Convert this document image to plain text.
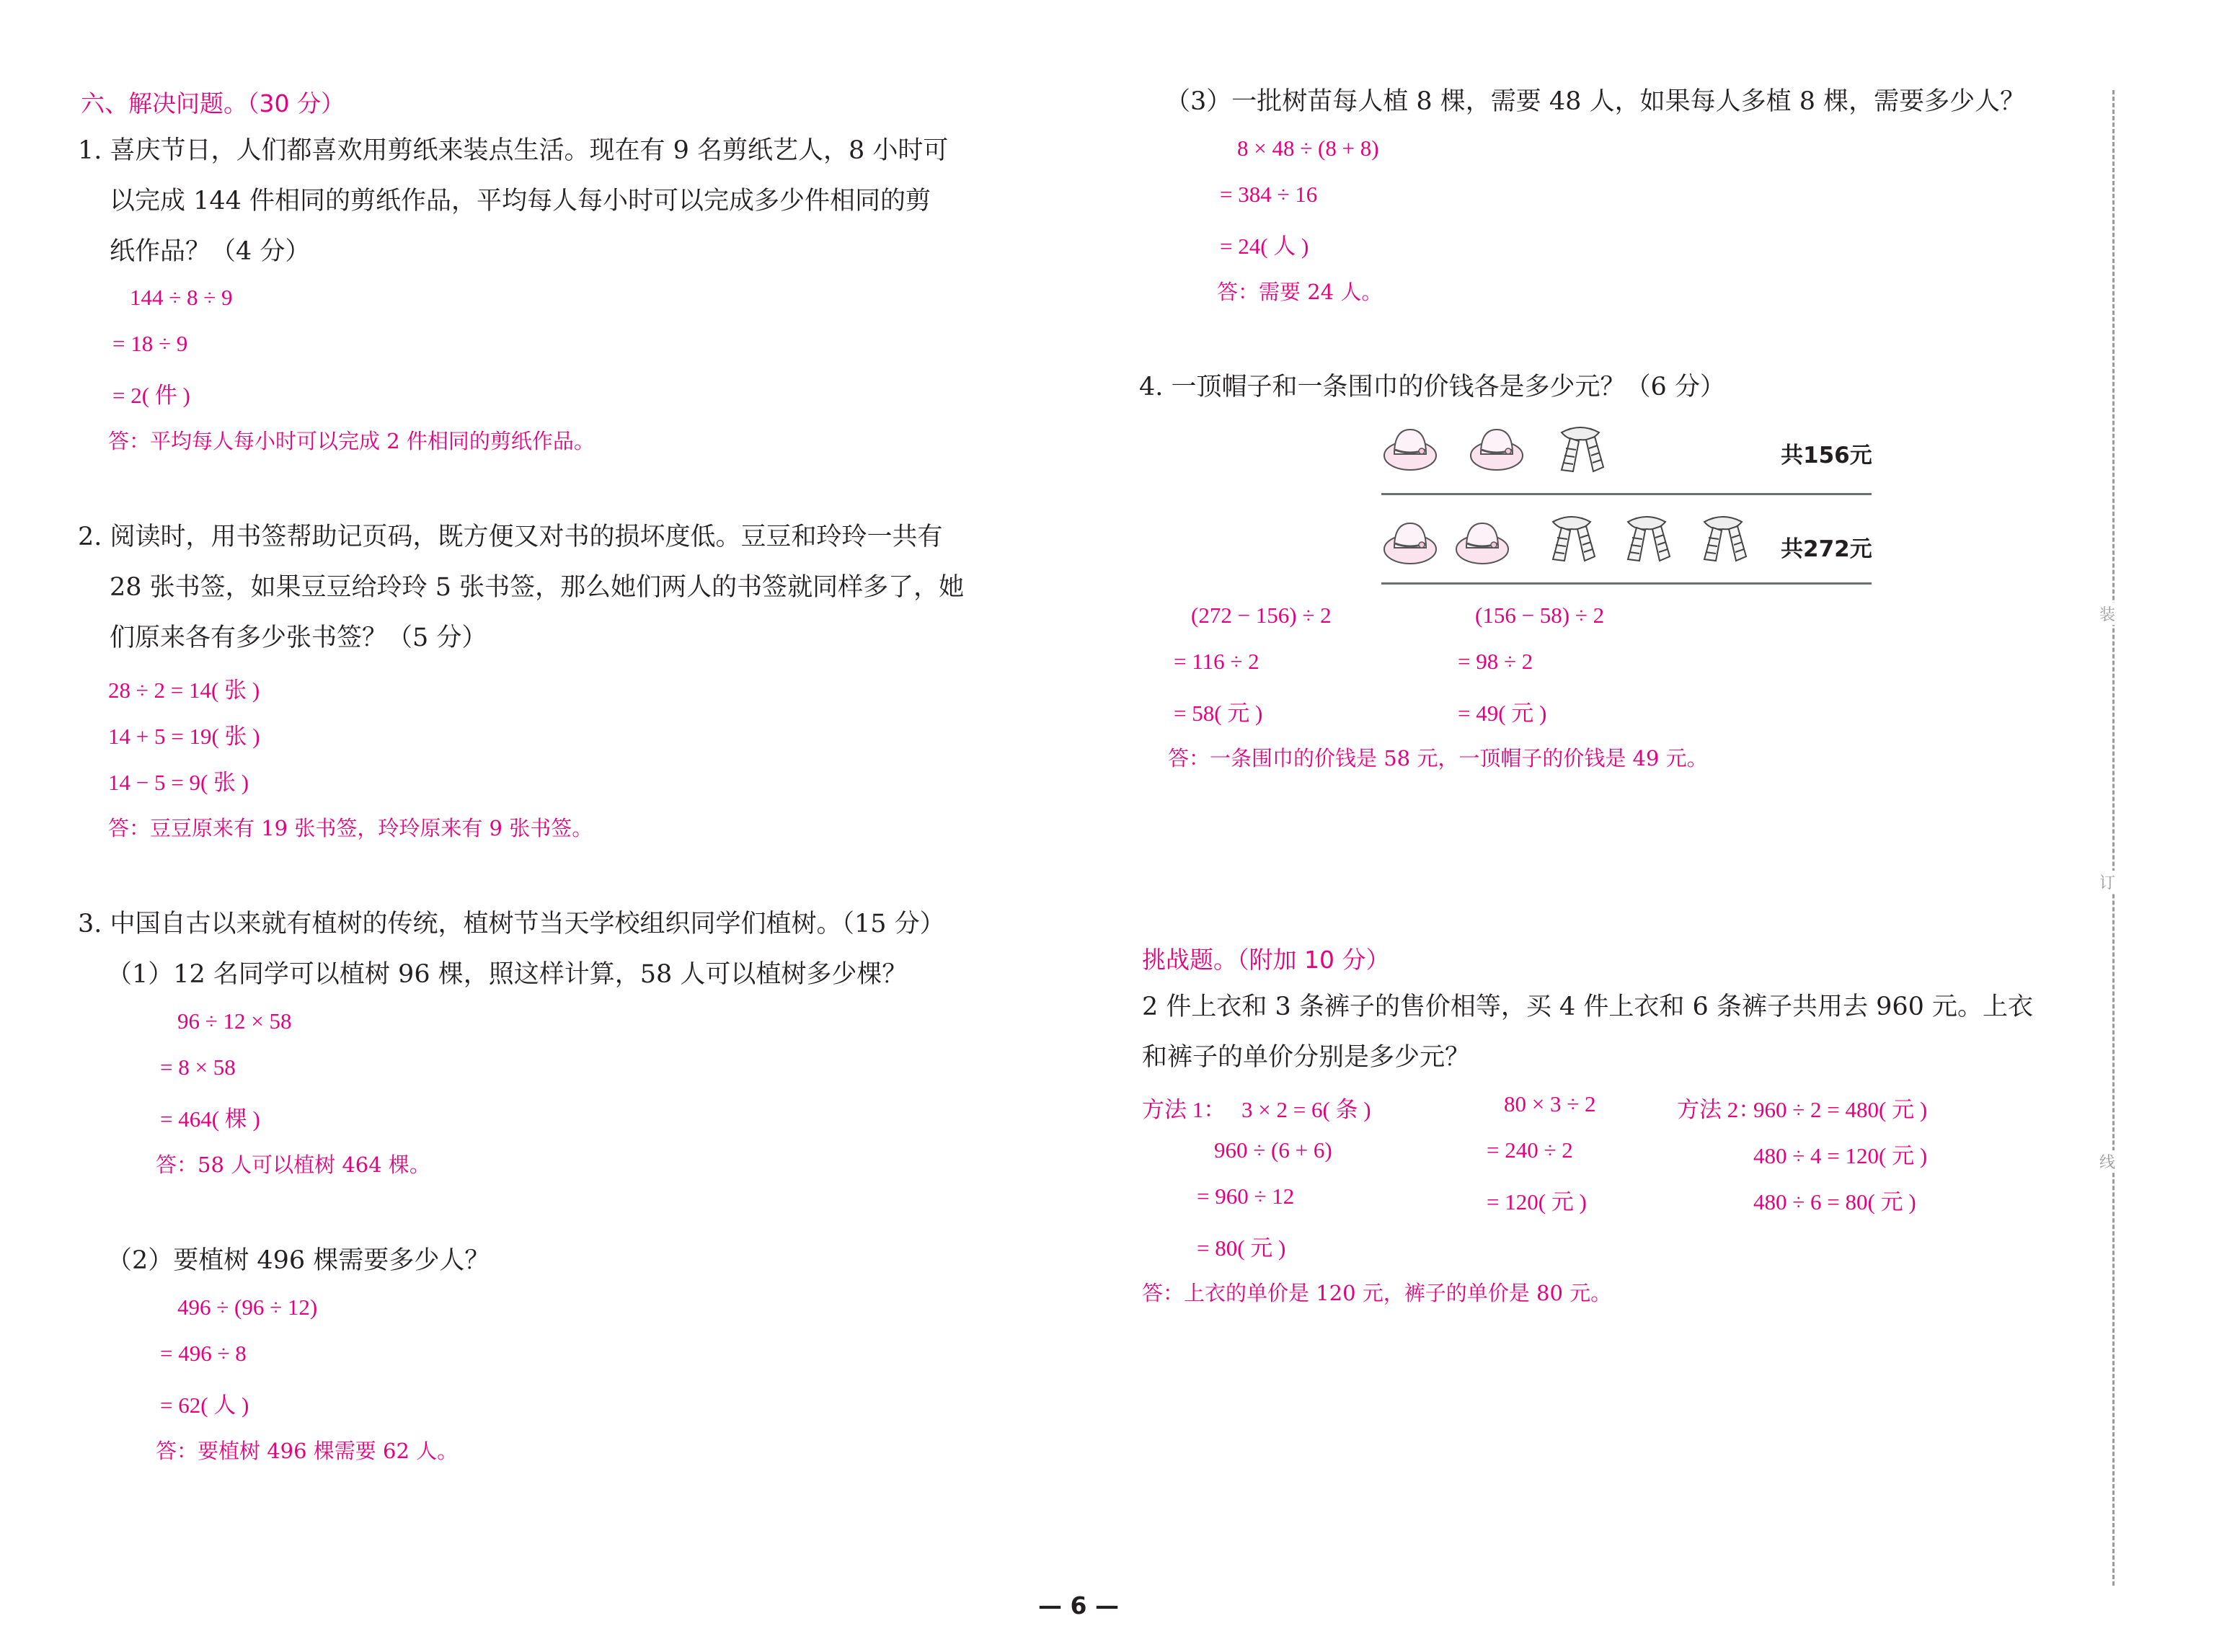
六、解决问题。（30 分）
1. 喜庆节日，人们都喜欢用剪纸来装点生活。现在有 9 名剪纸艺人，8 小时可
以完成 144 件相同的剪纸作品，平均每人每小时可以完成多少件相同的剪
纸作品？（4 分）
144 ÷ 8 ÷ 9
= 18 ÷ 9
= 2( 件 )
答：平均每人每小时可以完成 2 件相同的剪纸作品。
2. 阅读时，用书签帮助记页码，既方便又对书的损坏度低。豆豆和玲玲一共有
28 张书签，如果豆豆给玲玲 5 张书签，那么她们两人的书签就同样多了，她
们原来各有多少张书签？（5 分）
28 ÷ 2 = 14( 张 )
14 + 5 = 19( 张 )
14 − 5 = 9( 张 )
答：豆豆原来有 19 张书签，玲玲原来有 9 张书签。
3. 中国自古以来就有植树的传统，植树节当天学校组织同学们植树。（15 分）
（1）12 名同学可以植树 96 棵，照这样计算，58 人可以植树多少棵？
96 ÷ 12 × 58
= 8 × 58
= 464( 棵 )
答：58 人可以植树 464 棵。
（2）要植树 496 棵需要多少人？
496 ÷ (96 ÷ 12)
= 496 ÷ 8
= 62( 人 )
答：要植树 496 棵需要 62 人。
（3）一批树苗每人植 8 棵，需要 48 人，如果每人多植 8 棵，需要多少人？
8 × 48 ÷ (8 + 8)
= 384 ÷ 16
= 24( 人 )
答：需要 24 人。
4. 一顶帽子和一条围巾的价钱各是多少元？（6 分）
共156元
共272元
(272 − 156) ÷ 2
= 116 ÷ 2
= 58( 元 )
(156 − 58) ÷ 2
= 98 ÷ 2
= 49( 元 )
答：一条围巾的价钱是 58 元，一顶帽子的价钱是 49 元。
挑战题。（附加 10 分）
2 件上衣和 3 条裤子的售价相等，买 4 件上衣和 6 条裤子共用去 960 元。上衣
和裤子的单价分别是多少元？
方法 1： 3 × 2 = 6( 条 )
960 ÷ (6 + 6)
= 960 ÷ 12
= 80( 元 )
80 × 3 ÷ 2
= 240 ÷ 2
= 120( 元 )
方法 2：
960 ÷ 2 = 480( 元 )
480 ÷ 4 = 120( 元 )
480 ÷ 6 = 80( 元 )
答：上衣的单价是 120 元，裤子的单价是 80 元。
装
订
线
— 6 —
